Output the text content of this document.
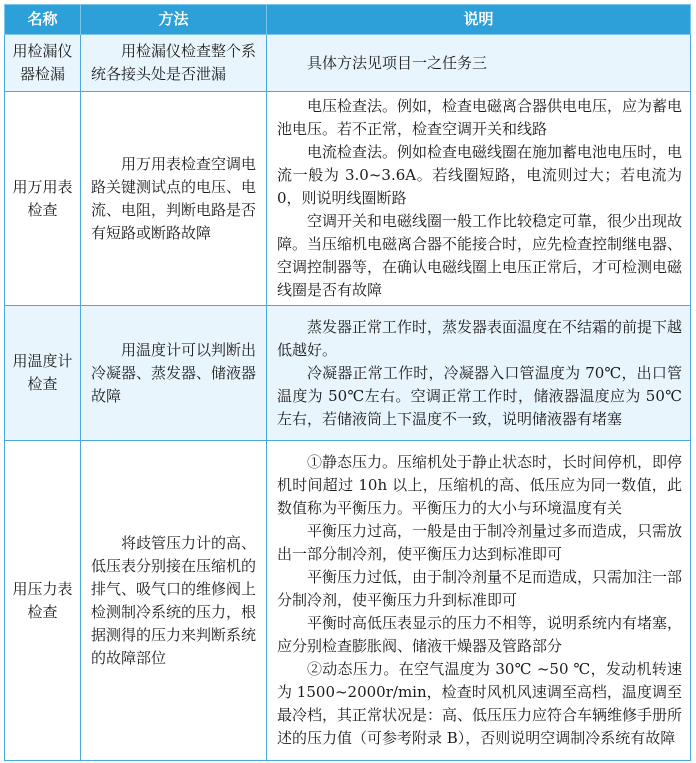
名称	方法	说明
用检漏仪器检漏	用检漏仪检查整个系统各接头处是否泄漏	具体方法见项目一之任务三

用万用表检查	用万用表检查空调电路关键测试点的电压、电流、电阻，判断电路是否有短路或断路故障	电压检查法。例如，检查电磁离合器供电电压，应为蓄电池电压。若不正常，检查空调开关和线路

电流检查法。例如检查电磁线圈在施加蓄电池电压时，电流一般为 3.0~3.6A。若线圈短路，电流则过大；若电流为 0，则说明线圈断路

空调开关和电磁线圈一般工作比较稳定可靠，很少出现故障。当压缩机电磁离合器不能接合时，应先检查控制继电器、空调控制器等，在确认电磁线圈上电压正常后，才可检测电磁线圈是否有故障

用温度计检查	用温度计可以判断出冷凝器、蒸发器、储液器故障	蒸发器正常工作时，蒸发器表面温度在不结霜的前提下越低越好。

冷凝器正常工作时，冷凝器入口管温度为 70℃，出口管温度为 50℃左右。空调正常工作时，储液器温度应为 50℃左右，若储液筒上下温度不一致，说明储液器有堵塞

用压力表检查	将歧管压力计的高、低压表分别接在压缩机的排气、吸气口的维修阀上检测制冷系统的压力，根据测得的压力来判断系统的故障部位	①静态压力。压缩机处于静止状态时，长时间停机，即停机时间超过 10h 以上，压缩机的高、低压应为同一数值，此数值称为平衡压力。平衡压力的大小与环境温度有关

平衡压力过高，一般是由于制冷剂量过多而造成，只需放出一部分制冷剂，使平衡压力达到标准即可

平衡压力过低，由于制冷剂量不足而造成，只需加注一部分制冷剂，使平衡压力升到标准即可

平衡时高低压表显示的压力不相等，说明系统内有堵塞，应分别检查膨胀阀、储液干燥器及管路部分

②动态压力。在空气温度为 30℃ ~50 ℃，发动机转速为 1500~2000r/min，检查时风机风速调至高档，温度调至最冷档，其正常状况是：高、低压压力应符合车辆维修手册所述的压力值（可参考附录 B），否则说明空调制冷系统有故障
